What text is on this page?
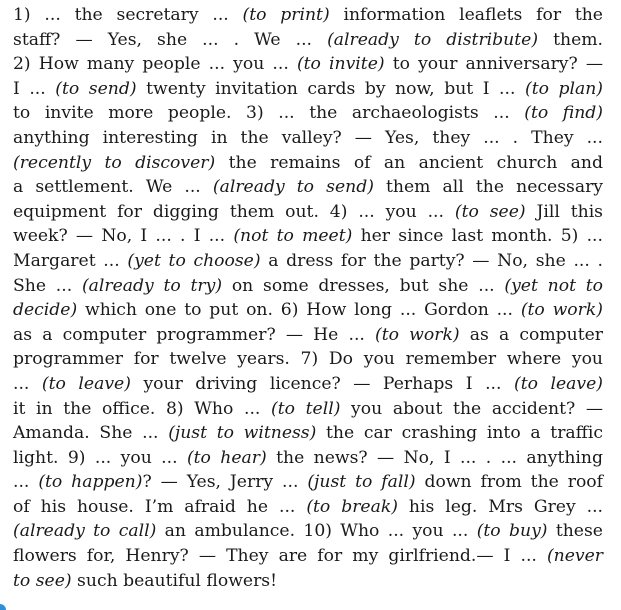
1) ... the secretary ... (to print) information leaflets for the
staff? — Yes, she ... . We ... (already to distribute) them.
2) How many people ... you ... (to invite) to your anniversary? —
I ... (to send) twenty invitation cards by now, but I ... (to plan)
to invite more people. 3) ... the archaeologists ... (to find)
anything interesting in the valley? — Yes, they ... . They ...
(recently to discover) the remains of an ancient church and
a settlement. We ... (already to send) them all the necessary
equipment for digging them out. 4) ... you ... (to see) Jill this
week? — No, I ... . I ... (not to meet) her since last month. 5) ...
Margaret ... (yet to choose) a dress for the party? — No, she ... .
She ... (already to try) on some dresses, but she ... (yet not to
decide) which one to put on. 6) How long ... Gordon ... (to work)
as a computer programmer? — He ... (to work) as a computer
programmer for twelve years. 7) Do you remember where you
... (to leave) your driving licence? — Perhaps I ... (to leave)
it in the office. 8) Who ... (to tell) you about the accident? —
Amanda. She ... (just to witness) the car crashing into a traffic
light. 9) ... you ... (to hear) the news? — No, I ... . ... anything
... (to happen)? — Yes, Jerry ... (just to fall) down from the roof
of his house. I’m afraid he ... (to break) his leg. Mrs Grey ...
(already to call) an ambulance. 10) Who ... you ... (to buy) these
flowers for, Henry? — They are for my girlfriend.— I ... (never
to see) such beautiful flowers!
